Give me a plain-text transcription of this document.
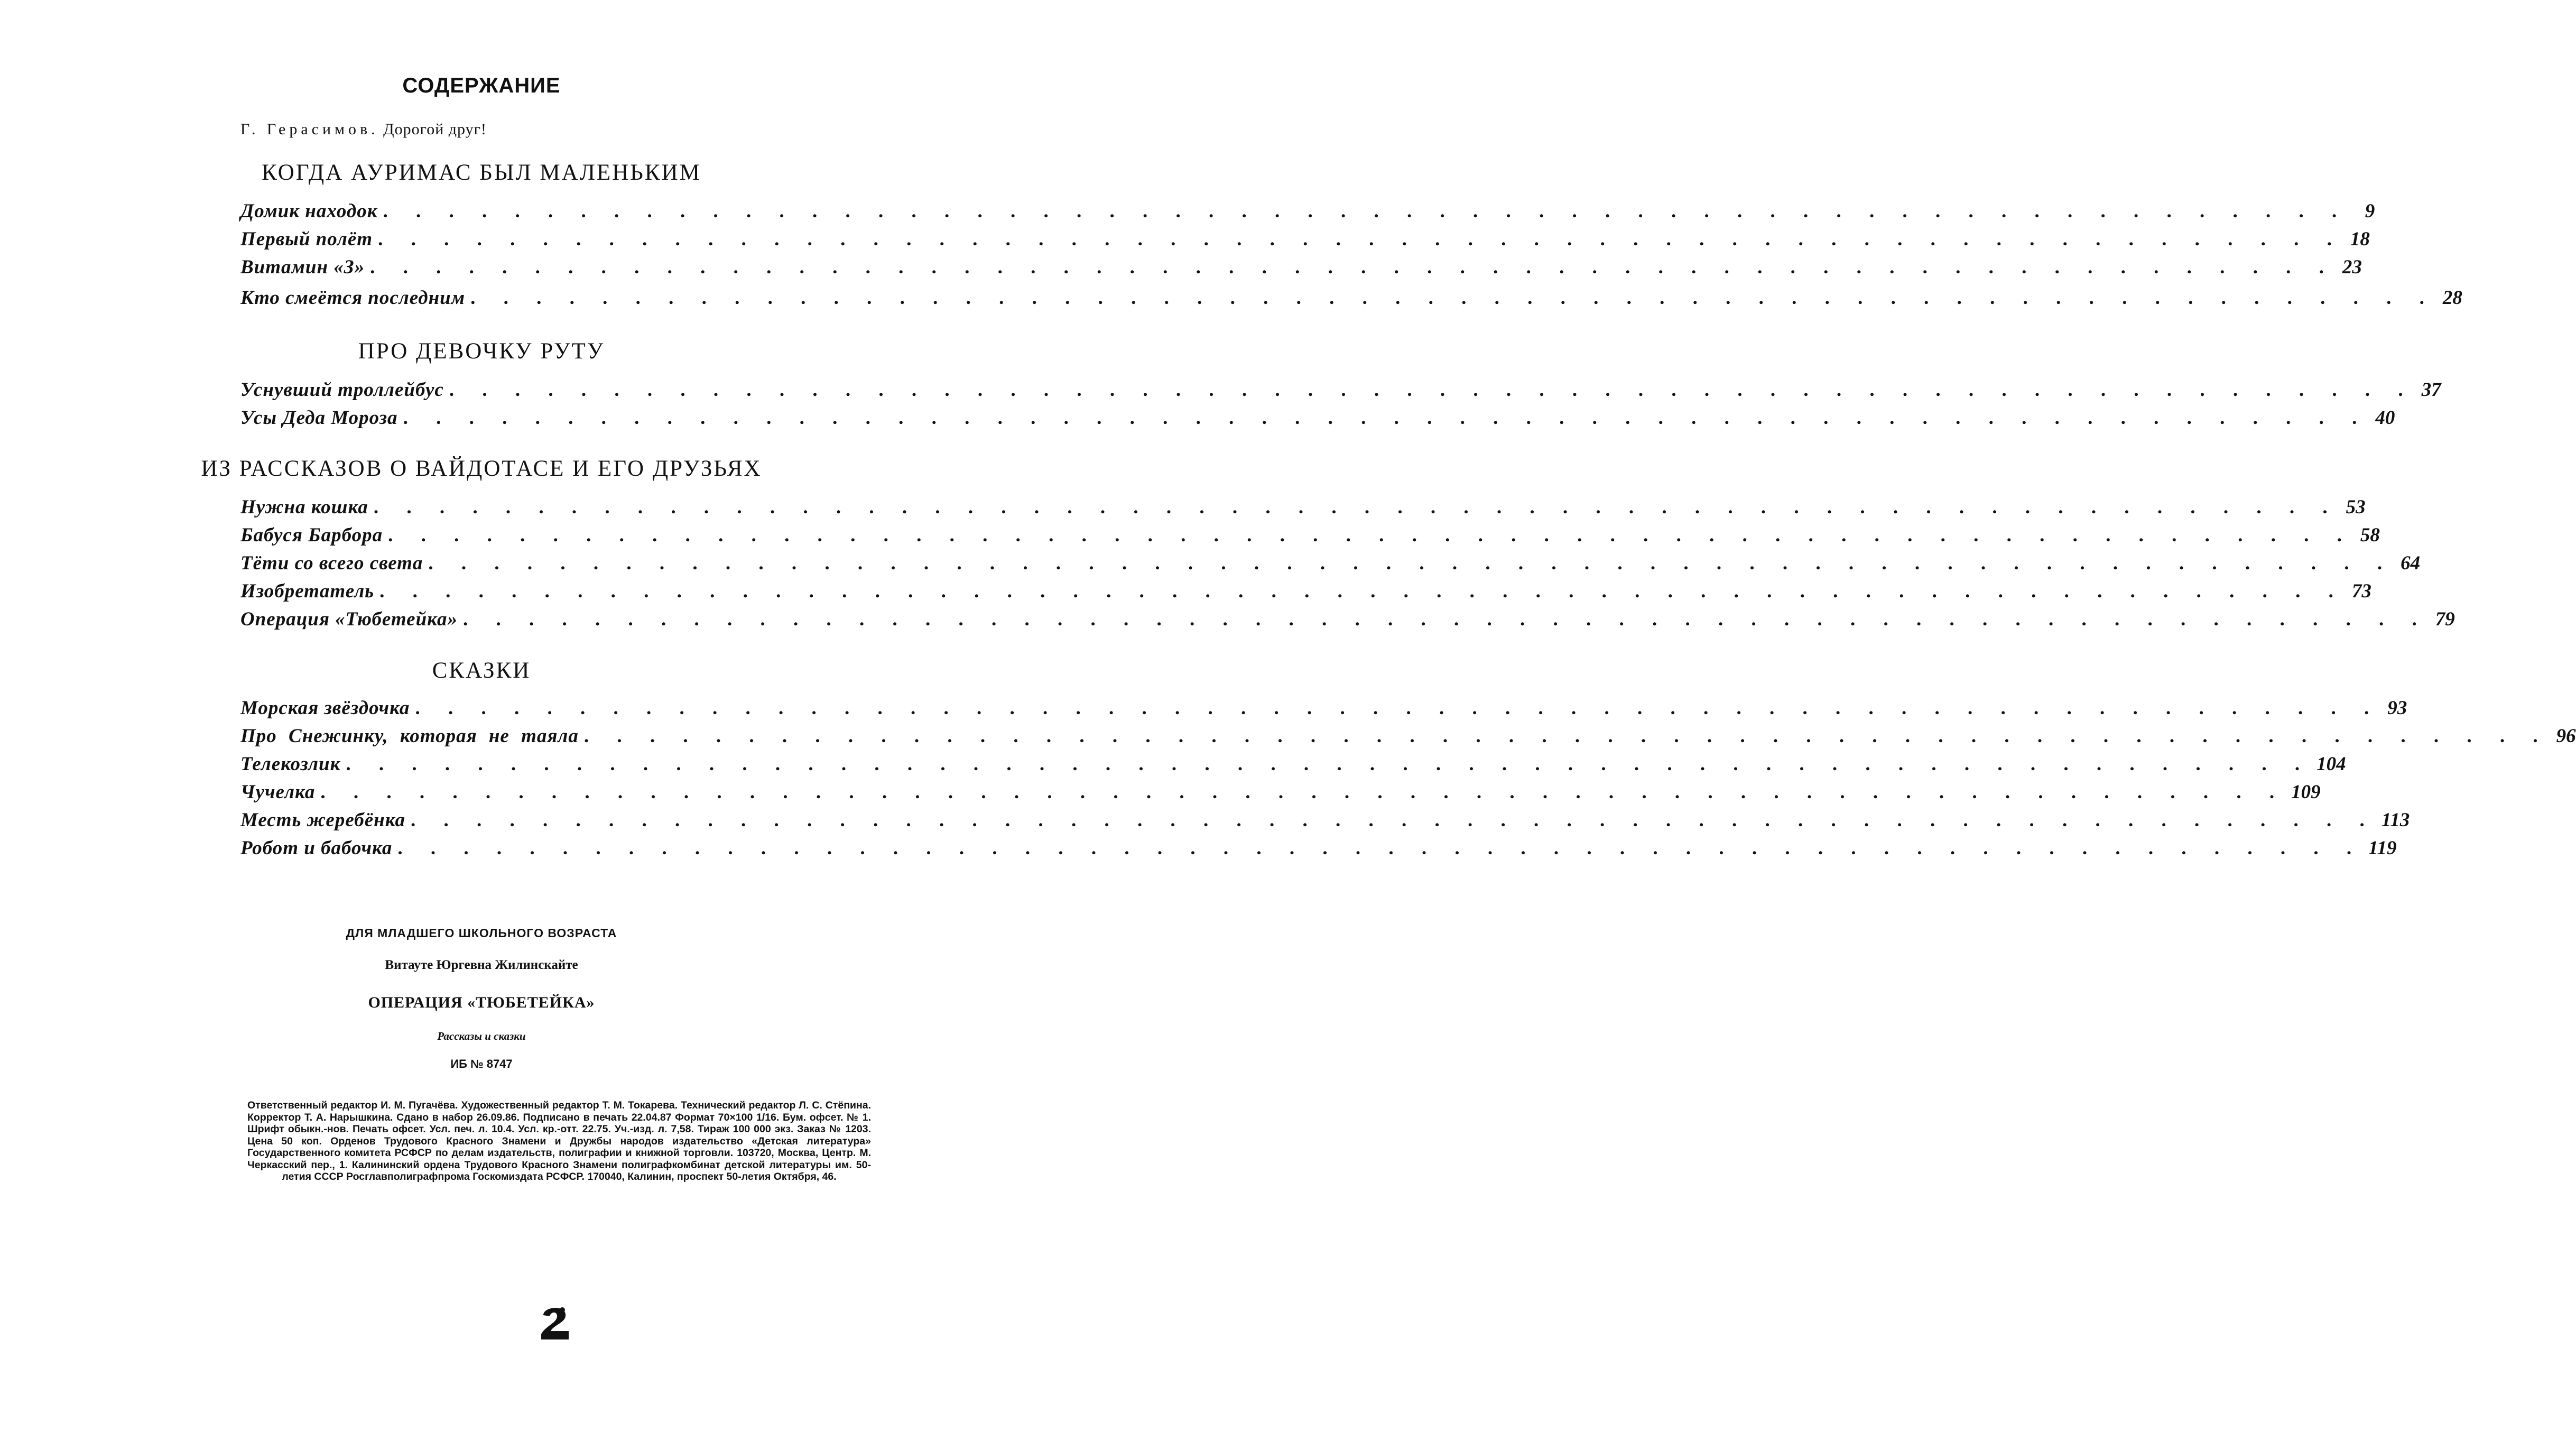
СОДЕРЖАНИЕ
Г. Герасимов. Дорогой друг!
КОГДА АУРИМАС БЫЛ МАЛЕНЬКИМ
Домик находок . . . . . . . . . . . . . . . . . . . . . . . . . . . . . . . . . . . . . . . . . . . . . . . . . . . . . . . . . . . . 9
Первый полёт . . . . . . . . . . . . . . . . . . . . . . . . . . . . . . . . . . . . . . . . . . . . . . . . . . . . . . . . . . . . 18
Витамин «З» . . . . . . . . . . . . . . . . . . . . . . . . . . . . . . . . . . . . . . . . . . . . . . . . . . . . . . . . . . . . 23
Кто смеётся последним . . . . . . . . . . . . . . . . . . . . . . . . . . . . . . . . . . . . . . . . . . . . . . . . . . . . . . . . . . . . 28
ПРО ДЕВОЧКУ РУТУ
Уснувший троллейбус . . . . . . . . . . . . . . . . . . . . . . . . . . . . . . . . . . . . . . . . . . . . . . . . . . . . . . . . . . . . 37
Усы Деда Мороза . . . . . . . . . . . . . . . . . . . . . . . . . . . . . . . . . . . . . . . . . . . . . . . . . . . . . . . . . . . . 40
ИЗ РАССКАЗОВ О ВАЙДОТАСЕ И ЕГО ДРУЗЬЯХ
Нужна кошка . . . . . . . . . . . . . . . . . . . . . . . . . . . . . . . . . . . . . . . . . . . . . . . . . . . . . . . . . . . . 53
Бабуся Барбора . . . . . . . . . . . . . . . . . . . . . . . . . . . . . . . . . . . . . . . . . . . . . . . . . . . . . . . . . . . . 58
Тёти со всего света . . . . . . . . . . . . . . . . . . . . . . . . . . . . . . . . . . . . . . . . . . . . . . . . . . . . . . . . . . . . 64
Изобретатель . . . . . . . . . . . . . . . . . . . . . . . . . . . . . . . . . . . . . . . . . . . . . . . . . . . . . . . . . . . . 73
Операция «Тюбетейка» . . . . . . . . . . . . . . . . . . . . . . . . . . . . . . . . . . . . . . . . . . . . . . . . . . . . . . . . . . . . 79
СКАЗКИ
Морская звёздочка . . . . . . . . . . . . . . . . . . . . . . . . . . . . . . . . . . . . . . . . . . . . . . . . . . . . . . . . . . . . 93
Про Снежинку, которая не таяла . . . . . . . . . . . . . . . . . . . . . . . . . . . . . . . . . . . . . . . . . . . . . . . . . . . . . . . . . . . . 96
Телекозлик . . . . . . . . . . . . . . . . . . . . . . . . . . . . . . . . . . . . . . . . . . . . . . . . . . . . . . . . . . . . 104
Чучелка . . . . . . . . . . . . . . . . . . . . . . . . . . . . . . . . . . . . . . . . . . . . . . . . . . . . . . . . . . . . 109
Месть жеребёнка . . . . . . . . . . . . . . . . . . . . . . . . . . . . . . . . . . . . . . . . . . . . . . . . . . . . . . . . . . . . 113
Робот и бабочка . . . . . . . . . . . . . . . . . . . . . . . . . . . . . . . . . . . . . . . . . . . . . . . . . . . . . . . . . . . . 119
ДЛЯ МЛАДШЕГО ШКОЛЬНОГО ВОЗРАСТА
Витауте Юргевна Жилинскайте
ОПЕРАЦИЯ «ТЮБЕТЕЙКА»
Рассказы и сказки
ИБ № 8747
Ответственный редактор И. М. Пугачёва. Художественный редактор Т. М. Токарева. Технический редактор Л. С. Стёпина. Корректор Т. А. Нарышкина. Сдано в набор 26.09.86. Подписано в печать 22.04.87 Формат 70×100 1/16. Бум. офсет. № 1. Шрифт обыкн.-нов. Печать офсет. Усл. печ. л. 10.4. Усл. кр.-отт. 22.75. Уч.-изд. л. 7,58. Тираж 100 000 экз. Заказ № 1203. Цена 50 коп. Орденов Трудового Красного Знамени и Дружбы народов издательство «Детская литература» Государственного комитета РСФСР по делам издательств, полиграфии и книжной торговли. 103720, Москва, Центр. М. Черкасский пер., 1. Калининский ордена Трудового Красного Знамени полиграфкомбинат детской литературы им. 50-летия СССР Росглавполиграфпрома Госкомиздата РСФСР. 170040, Калинин, проспект 50-летия Октября, 46.
